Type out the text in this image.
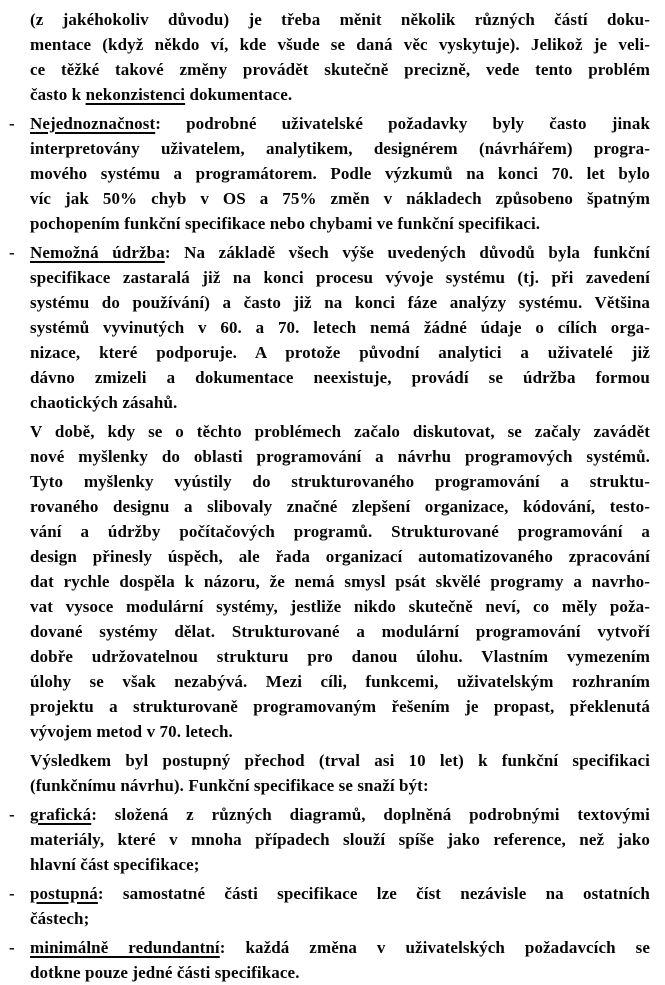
(z jakéhokoliv důvodu) je třeba měnit několik různých částí doku-
mentace (když někdo ví, kde všude se daná věc vyskytuje). Jelikož je veli-
ce těžké takové změny provádět skutečně precizně, vede tento problém
často k nekonzistenci dokumentace.
- Nejednoznačnost: podrobné uživatelské požadavky byly často jinak
interpretovány uživatelem, analytikem, designérem (návrhářem) progra-
mového systému a programátorem. Podle výzkumů na konci 70. let bylo
víc jak 50% chyb v OS a 75% změn v nákladech způsobeno špatným
pochopením funkční specifikace nebo chybami ve funkční specifikaci.
- Nemožná údržba: Na základě všech výše uvedených důvodů byla funkční
specifikace zastaralá již na konci procesu vývoje systému (tj. při zavedení
systému do používání) a často již na konci fáze analýzy systému. Většina
systémů vyvinutých v 60. a 70. letech nemá žádné údaje o cílích orga-
nizace, které podporuje. A protože původní analytici a uživatelé již
dávno zmizeli a dokumentace neexistuje, provádí se údržba formou
chaotických zásahů.
V době, kdy se o těchto problémech začalo diskutovat, se začaly zavádět
nové myšlenky do oblasti programování a návrhu programových systémů.
Tyto myšlenky vyústily do strukturovaného programování a struktu-
rovaného designu a slibovaly značné zlepšení organizace, kódování, testo-
vání a údržby počítačových programů. Strukturované programování a
design přinesly úspěch, ale řada organizací automatizovaného zpracování
dat rychle dospěla k názoru, že nemá smysl psát skvělé programy a navrho-
vat vysoce modulární systémy, jestliže nikdo skutečně neví, co měly poža-
dované systémy dělat. Strukturované a modulární programování vytvoří
dobře udržovatelnou strukturu pro danou úlohu. Vlastním vymezením
úlohy se však nezabývá. Mezi cíli, funkcemi, uživatelským rozhraním
projektu a strukturovaně programovaným řešením je propast, překlenutá
vývojem metod v 70. letech.
Výsledkem byl postupný přechod (trval asi 10 let) k funkční specifikaci
(funkčnímu návrhu). Funkční specifikace se snaží být:
- grafická: složená z různých diagramů, doplněná podrobnými textovými
materiály, které v mnoha případech slouží spíše jako reference, než jako
hlavní část specifikace;
- postupná: samostatné části specifikace lze číst nezávisle na ostatních
částech;
- minimálně redundantní: každá změna v uživatelských požadavcích se
dotkne pouze jedné části specifikace.
